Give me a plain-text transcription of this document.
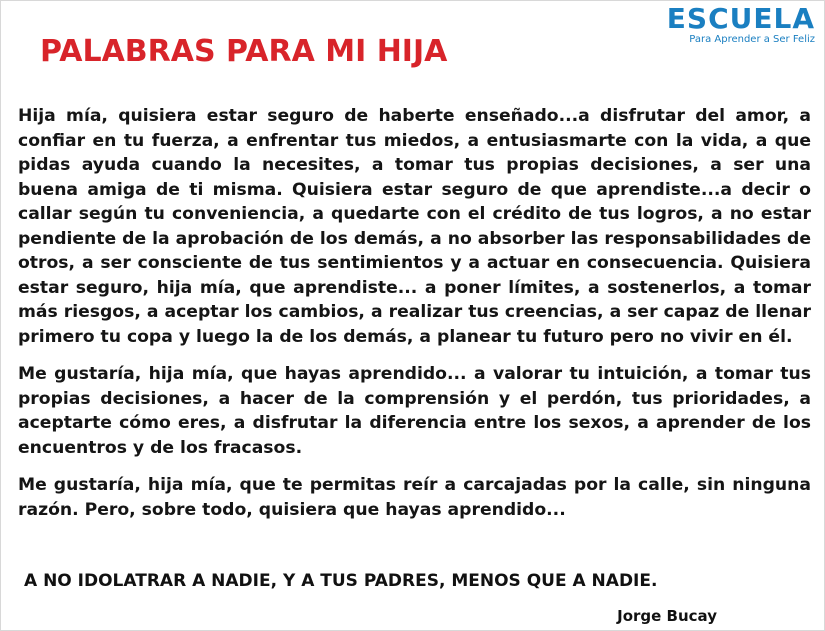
ESCUELA
Para Aprender a Ser Feliz
PALABRAS PARA MI HIJA

Hija mía, quisiera estar seguro de haberte enseñado...a disfrutar del amor, a confiar en tu fuerza, a enfrentar tus miedos, a entusiasmarte con la vida, a que pidas ayuda cuando la necesites, a tomar tus propias decisiones, a ser una buena amiga de ti misma. Quisiera estar seguro de que aprendiste...a decir o callar según tu conveniencia, a quedarte con el crédito de tus logros, a no estar pendiente de la aprobación de los demás, a no absorber las responsabilidades de otros, a ser consciente de tus sentimientos y a actuar en consecuencia. Quisiera estar seguro, hija mía, que aprendiste... a poner límites, a sostenerlos, a tomar más riesgos, a aceptar los cambios, a realizar tus creencias, a ser capaz de llenar primero tu copa y luego la de los demás, a planear tu futuro pero no vivir en él.

Me gustaría, hija mía, que hayas aprendido... a valorar tu intuición, a tomar tus propias decisiones, a hacer de la comprensión y el perdón, tus prioridades, a aceptarte cómo eres, a disfrutar la diferencia entre los sexos, a aprender de los encuentros y de los fracasos.

Me gustaría, hija mía, que te permitas reír a carcajadas por la calle, sin ninguna razón. Pero, sobre todo, quisiera que hayas aprendido...

A NO IDOLATRAR A NADIE, Y A TUS PADRES, MENOS QUE A NADIE.
Jorge Bucay
